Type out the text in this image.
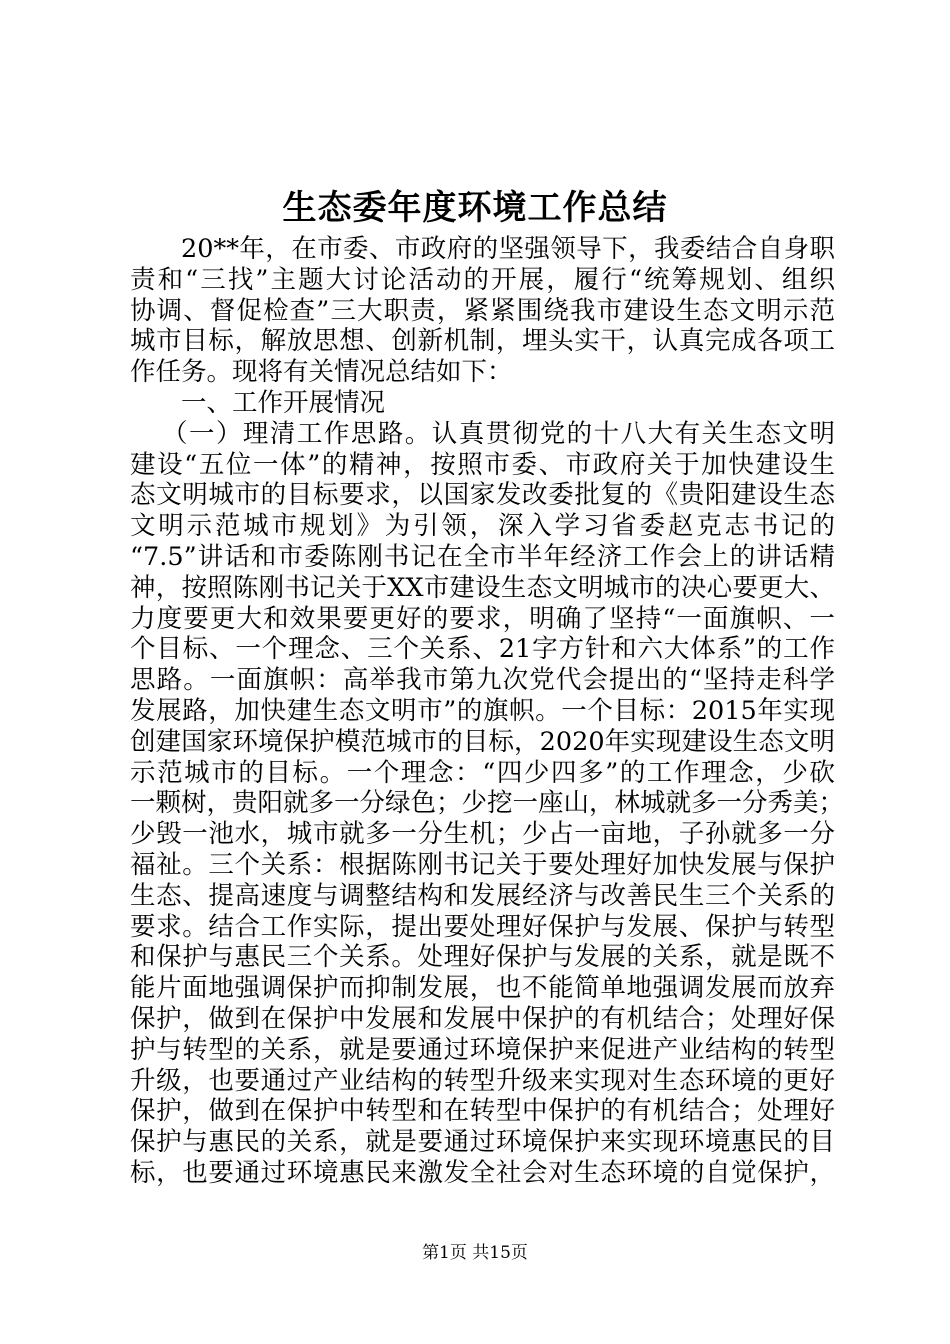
生态委年度环境工作总结
20**年，在市委、市政府的坚强领导下，我委结合自身职
责和“三找”主题大讨论活动的开展，履行“统筹规划、组织
协调、督促检查”三大职责，紧紧围绕我市建设生态文明示范
城市目标，解放思想、创新机制，埋头实干，认真完成各项工
作任务。现将有关情况总结如下：
一、工作开展情况
（一）理清工作思路。认真贯彻党的十八大有关生态文明
建设“五位一体”的精神，按照市委、市政府关于加快建设生
态文明城市的目标要求，以国家发改委批复的《贵阳建设生态
文明示范城市规划》为引领，深入学习省委赵克志书记的
“7.5”讲话和市委陈刚书记在全市半年经济工作会上的讲话精
神，按照陈刚书记关于XX市建设生态文明城市的决心要更大、
力度要更大和效果要更好的要求，明确了坚持“一面旗帜、一
个目标、一个理念、三个关系、21字方针和六大体系”的工作
思路。一面旗帜：高举我市第九次党代会提出的“坚持走科学
发展路，加快建生态文明市”的旗帜。一个目标：2015年实现
创建国家环境保护模范城市的目标，2020年实现建设生态文明
示范城市的目标。一个理念：“四少四多”的工作理念，少砍
一颗树，贵阳就多一分绿色；少挖一座山，林城就多一分秀美；
少毁一池水，城市就多一分生机；少占一亩地，子孙就多一分
福祉。三个关系：根据陈刚书记关于要处理好加快发展与保护
生态、提高速度与调整结构和发展经济与改善民生三个关系的
要求。结合工作实际，提出要处理好保护与发展、保护与转型
和保护与惠民三个关系。处理好保护与发展的关系，就是既不
能片面地强调保护而抑制发展，也不能简单地强调发展而放弃
保护，做到在保护中发展和发展中保护的有机结合；处理好保
护与转型的关系，就是要通过环境保护来促进产业结构的转型
升级，也要通过产业结构的转型升级来实现对生态环境的更好
保护，做到在保护中转型和在转型中保护的有机结合；处理好
保护与惠民的关系，就是要通过环境保护来实现环境惠民的目
标，也要通过环境惠民来激发全社会对生态环境的自觉保护，
第1页 共15页
